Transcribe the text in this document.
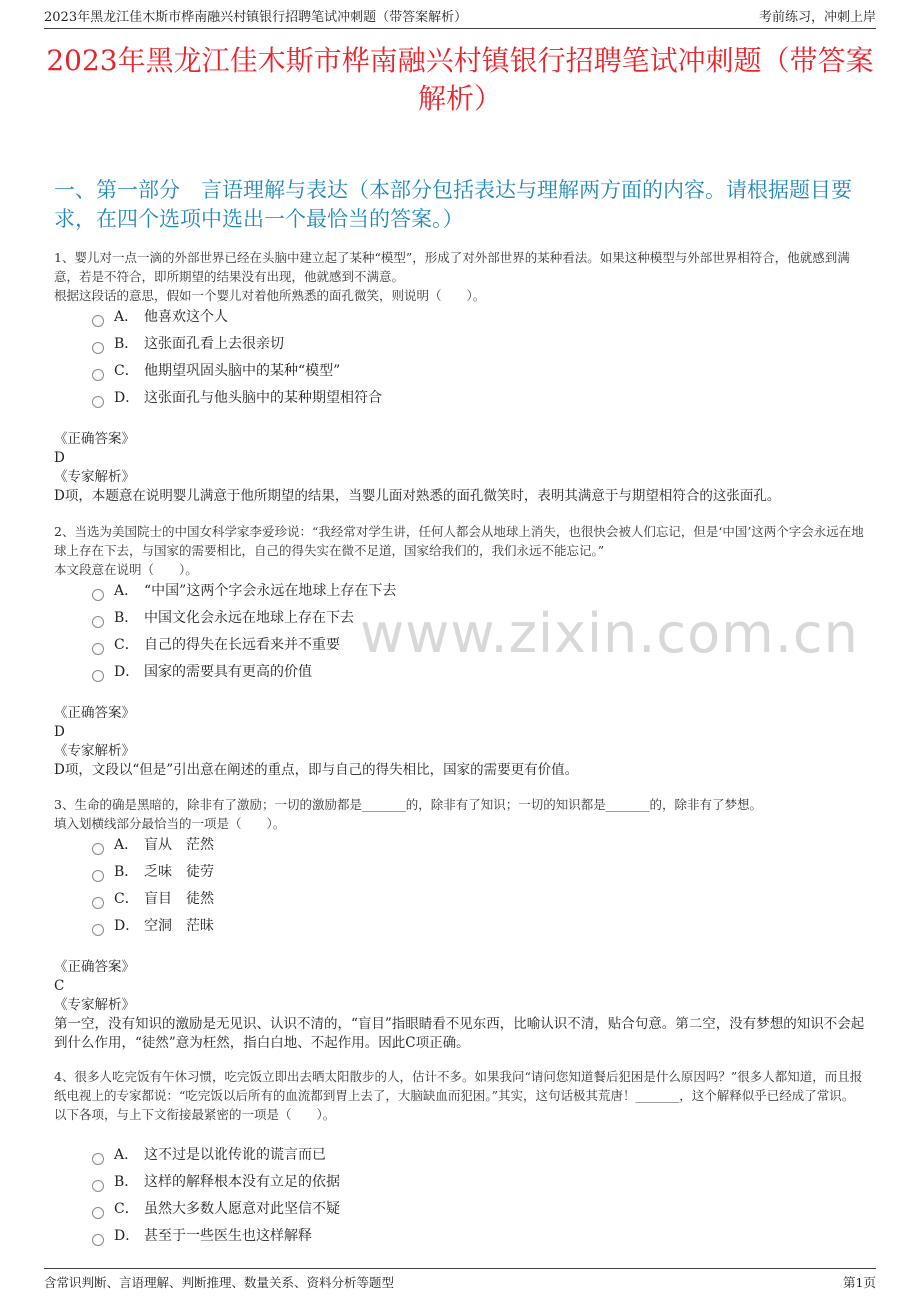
2023年黑龙江佳木斯市桦南融兴村镇银行招聘笔试冲刺题（带答案解析）	考前练习，冲刺上岸
2023年黑龙江佳木斯市桦南融兴村镇银行招聘笔试冲刺题（带答案解析）
一、第一部分　言语理解与表达（本部分包括表达与理解两方面的内容。请根据题目要求，在四个选项中选出一个最恰当的答案。）
www.zixin.com.cn
1、婴儿对一点一滴的外部世界已经在头脑中建立起了某种“模型”，形成了对外部世界的某种看法。如果这种模型与外部世界相符合，他就感到满意，若是不符合，即所期望的结果没有出现，他就感到不满意。
根据这段话的意思，假如一个婴儿对着他所熟悉的面孔微笑，则说明（　　）。
A． 他喜欢这个人
B． 这张面孔看上去很亲切
C． 他期望巩固头脑中的某种“模型”
D． 这张面孔与他头脑中的某种期望相符合
《正确答案》
D
《专家解析》
D项，本题意在说明婴儿满意于他所期望的结果，当婴儿面对熟悉的面孔微笑时，表明其满意于与期望相符合的这张面孔。
2、当选为美国院士的中国女科学家李爱珍说：“我经常对学生讲，任何人都会从地球上消失，也很快会被人们忘记，但是‘中国’这两个字会永远在地球上存在下去，与国家的需要相比，自己的得失实在微不足道，国家给我们的，我们永远不能忘记。”
本文段意在说明（　　）。
A． “中国”这两个字会永远在地球上存在下去
B． 中国文化会永远在地球上存在下去
C． 自己的得失在长远看来并不重要
D． 国家的需要具有更高的价值
《正确答案》
D
《专家解析》
D项，文段以“但是”引出意在阐述的重点，即与自己的得失相比，国家的需要更有价值。
3、生命的确是黑暗的，除非有了激励；一切的激励都是_______的，除非有了知识；一切的知识都是_______的，除非有了梦想。
填入划横线部分最恰当的一项是（　　）。
A． 盲从　茫然
B． 乏味　徒劳
C． 盲目　徒然
D． 空洞　茫昧
《正确答案》
C
《专家解析》
第一空，没有知识的激励是无见识、认识不清的，“盲目”指眼睛看不见东西，比喻认识不清，贴合句意。第二空，没有梦想的知识不会起到什么作用，“徒然”意为枉然，指白白地、不起作用。因此C项正确。
4、很多人吃完饭有午休习惯，吃完饭立即出去晒太阳散步的人，估计不多。如果我问“请问您知道餐后犯困是什么原因吗？”很多人都知道，而且报纸电视上的专家都说：“吃完饭以后所有的血流都到胃上去了，大脑缺血而犯困。”其实，这句话极其荒唐！_______，这个解释似乎已经成了常识。
以下各项，与上下文衔接最紧密的一项是（　　）。
A． 这不过是以讹传讹的谎言而已
B． 这样的解释根本没有立足的依据
C． 虽然大多数人愿意对此坚信不疑
D． 甚至于一些医生也这样解释
含常识判断、言语理解、判断推理、数量关系、资料分析等题型	第1页
